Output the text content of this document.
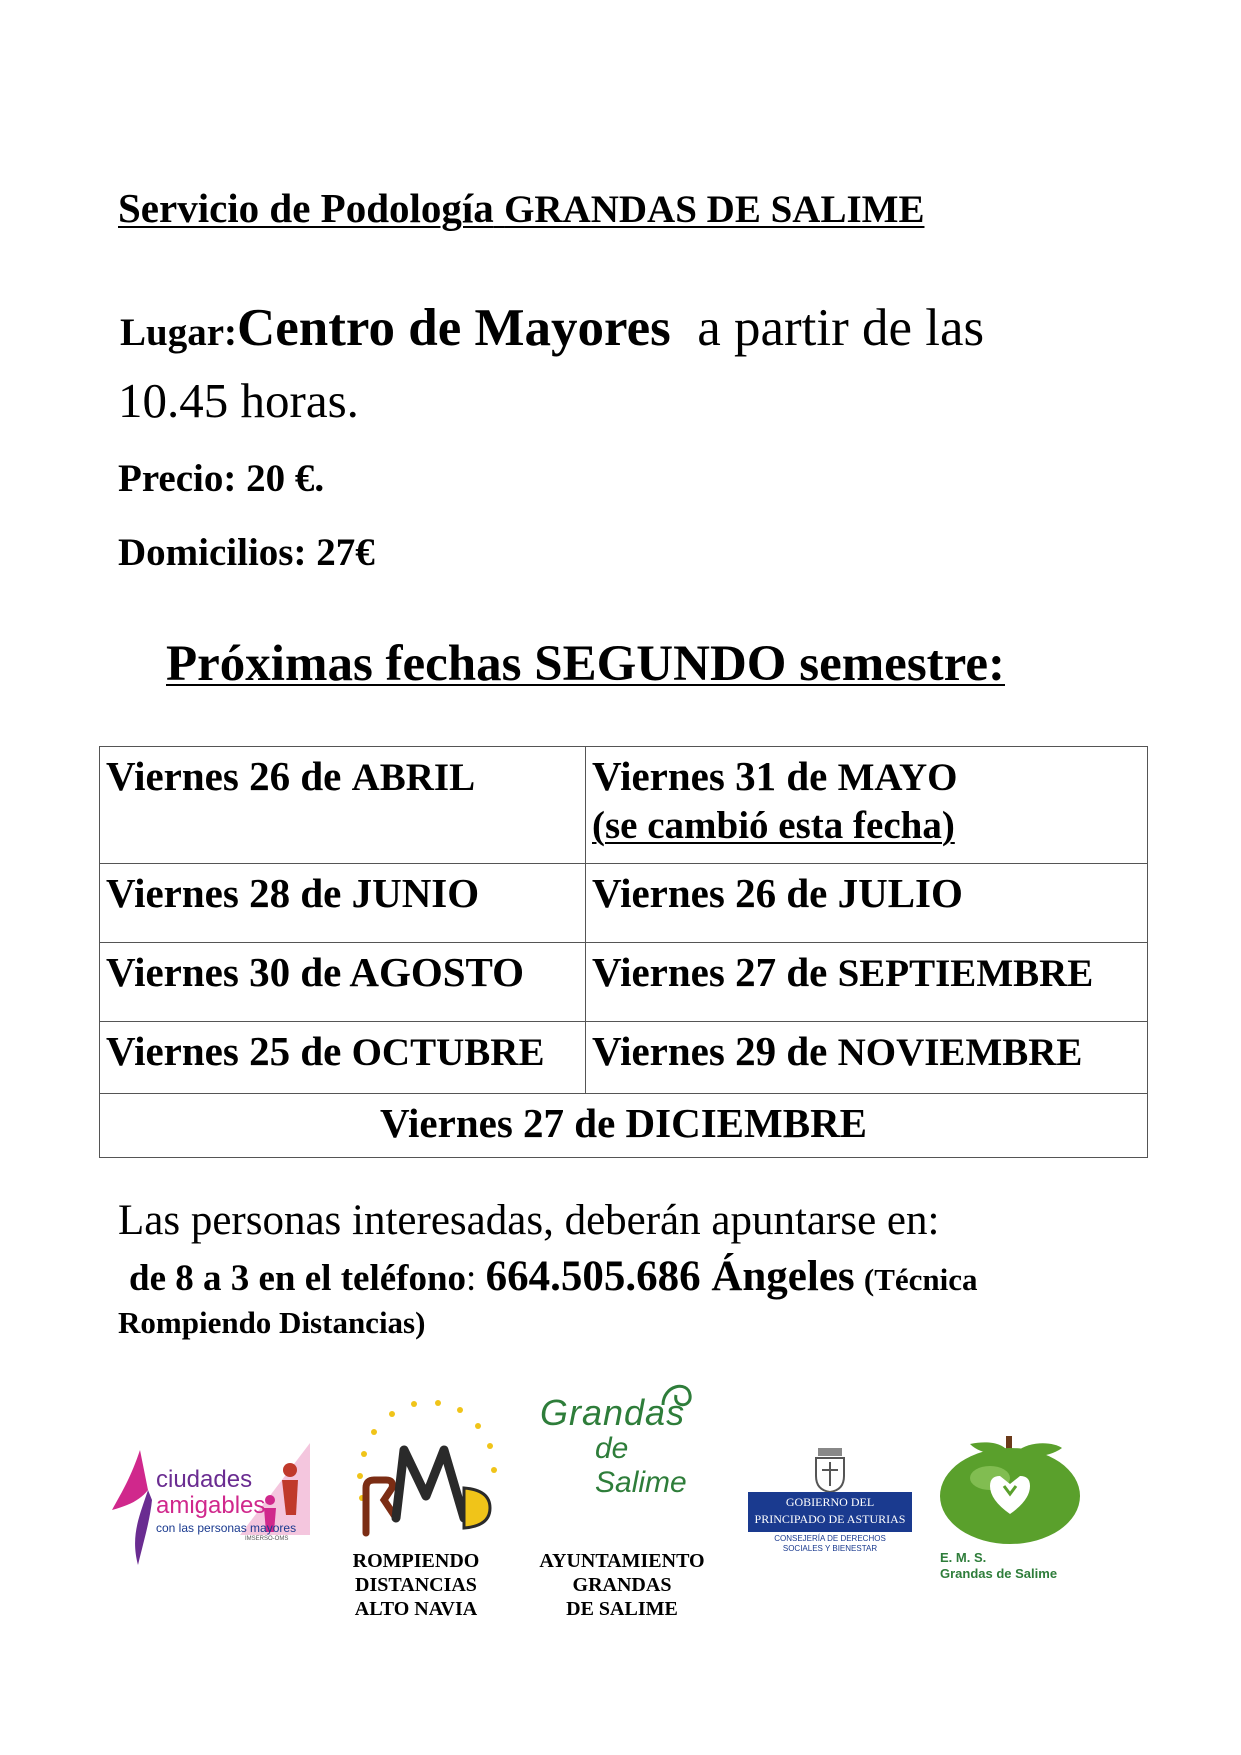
Servicio de Podología GRANDAS DE SALIME
Lugar:Centro de Mayores a partir de las
10.45 horas.
Precio: 20 €.
Domicilios: 27€
Próximas fechas SEGUNDO semestre:
Viernes 26 de ABRIL	Viernes 31 de MAYO
(se cambió esta fecha)
Viernes 28 de JUNIO	Viernes 26 de JULIO
Viernes 30 de AGOSTO	Viernes 27 de SEPTIEMBRE
Viernes 25 de OCTUBRE	Viernes 29 de NOVIEMBRE
Viernes 27 de DICIEMBRE	
Las personas interesadas, deberán apuntarse en:
de 8 a 3 en el teléfono: 664.505.686 Ángeles (Técnica
Rompiendo Distancias)
ciudades
amigables
con las personas mayores
IMSERSO-OMS
ROMPIENDO
DISTANCIAS
ALTO NAVIA
Grandas
de Salime
AYUNTAMIENTO
GRANDAS
DE SALIME
GOBIERNO DEL
PRINCIPADO DE ASTURIAS
CONSEJERÍA DE DERECHOS
SOCIALES Y BIENESTAR
E. M. S.
Grandas de Salime
